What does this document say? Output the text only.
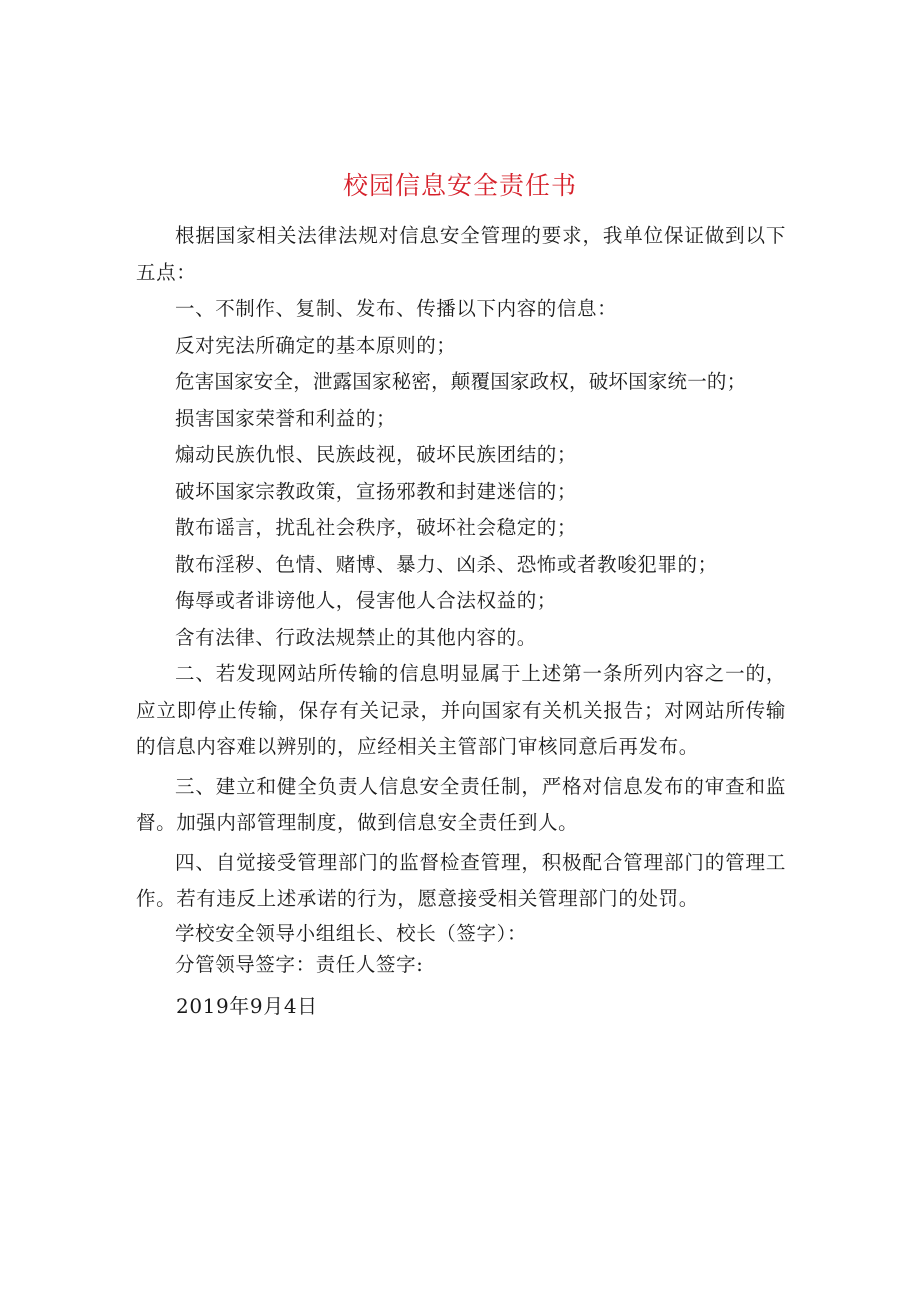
校园信息安全责任书

根据国家相关法律法规对信息安全管理的要求，我单位保证做到以下五点：

一、不制作、复制、发布、传播以下内容的信息：

反对宪法所确定的基本原则的；

危害国家安全，泄露国家秘密，颠覆国家政权，破坏国家统一的；

损害国家荣誉和利益的；

煽动民族仇恨、民族歧视，破坏民族团结的；

破坏国家宗教政策，宣扬邪教和封建迷信的；

散布谣言，扰乱社会秩序，破坏社会稳定的；

散布淫秽、色情、赌博、暴力、凶杀、恐怖或者教唆犯罪的；

侮辱或者诽谤他人，侵害他人合法权益的；

含有法律、行政法规禁止的其他内容的。

二、若发现网站所传输的信息明显属于上述第一条所列内容之一的，应立即停止传输，保存有关记录，并向国家有关机关报告；对网站所传输的信息内容难以辨别的，应经相关主管部门审核同意后再发布。

三、建立和健全负责人信息安全责任制，严格对信息发布的审查和监督。加强内部管理制度，做到信息安全责任到人。

四、自觉接受管理部门的监督检查管理，积极配合管理部门的管理工作。若有违反上述承诺的行为，愿意接受相关管理部门的处罚。

学校安全领导小组组长、校长（签字）：

分管领导签字：责任人签字:

2019年9月4日
